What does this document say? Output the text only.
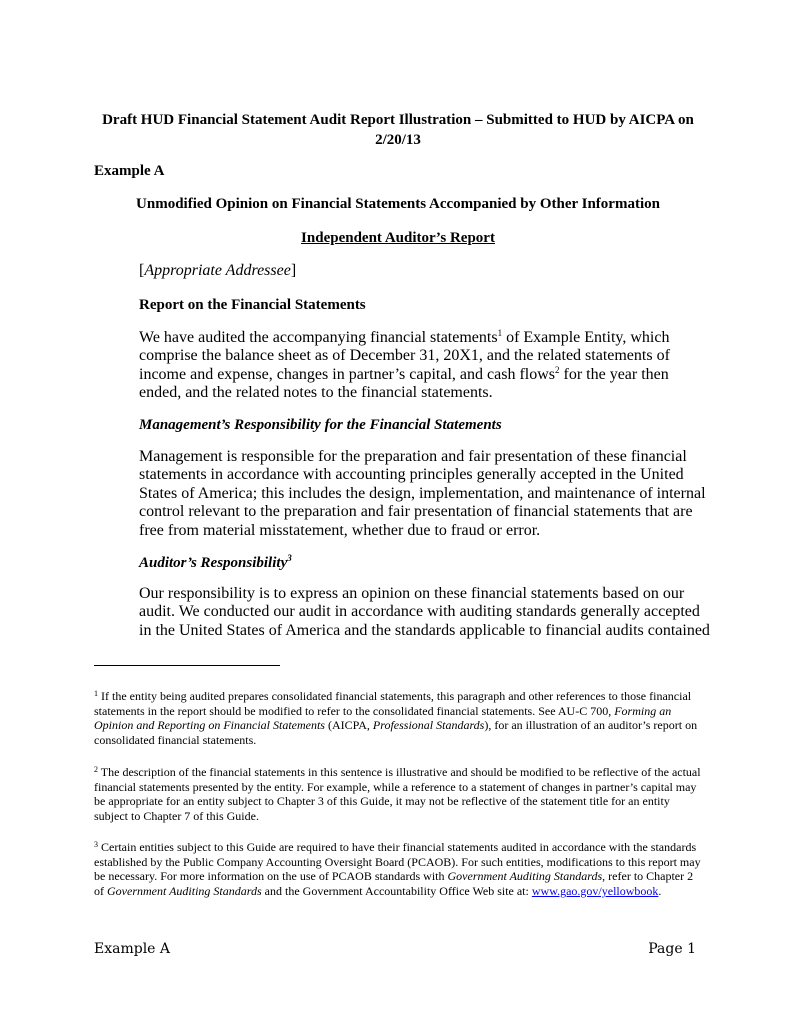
Draft HUD Financial Statement Audit Report Illustration – Submitted to HUD by AICPA on 2/20/13

Example A

Unmodified Opinion on Financial Statements Accompanied by Other Information

Independent Auditor’s Report

[Appropriate Addressee]

Report on the Financial Statements

We have audited the accompanying financial statements$^1$ of Example Entity, which comprise the balance sheet as of December 31, 20X1, and the related statements of income and expense, changes in partner’s capital, and cash flows$^2$ for the year then ended, and the related notes to the financial statements.

Management’s Responsibility for the Financial Statements

Management is responsible for the preparation and fair presentation of these financial statements in accordance with accounting principles generally accepted in the United States of America; this includes the design, implementation, and maintenance of internal control relevant to the preparation and fair presentation of financial statements that are free from material misstatement, whether due to fraud or error.

Auditor’s Responsibility$^3$

Our responsibility is to express an opinion on these financial statements based on our audit. We conducted our audit in accordance with auditing standards generally accepted in the United States of America and the standards applicable to financial audits contained

$^1$ If the entity being audited prepares consolidated financial statements, this paragraph and other references to those financial statements in the report should be modified to refer to the consolidated financial statements. See AU-C 700, Forming an Opinion and Reporting on Financial Statements (AICPA, Professional Standards), for an illustration of an auditor’s report on consolidated financial statements.

$^2$ The description of the financial statements in this sentence is illustrative and should be modified to be reflective of the actual financial statements presented by the entity. For example, while a reference to a statement of changes in partner’s capital may be appropriate for an entity subject to Chapter 3 of this Guide, it may not be reflective of the statement title for an entity subject to Chapter 7 of this Guide.

$^3$ Certain entities subject to this Guide are required to have their financial statements audited in accordance with the standards established by the Public Company Accounting Oversight Board (PCAOB). For such entities, modifications to this report may be necessary. For more information on the use of PCAOB standards with Government Auditing Standards, refer to Chapter 2 of Government Auditing Standards and the Government Accountability Office Web site at: www.gao.gov/yellowbook.

Example A	Page 1
